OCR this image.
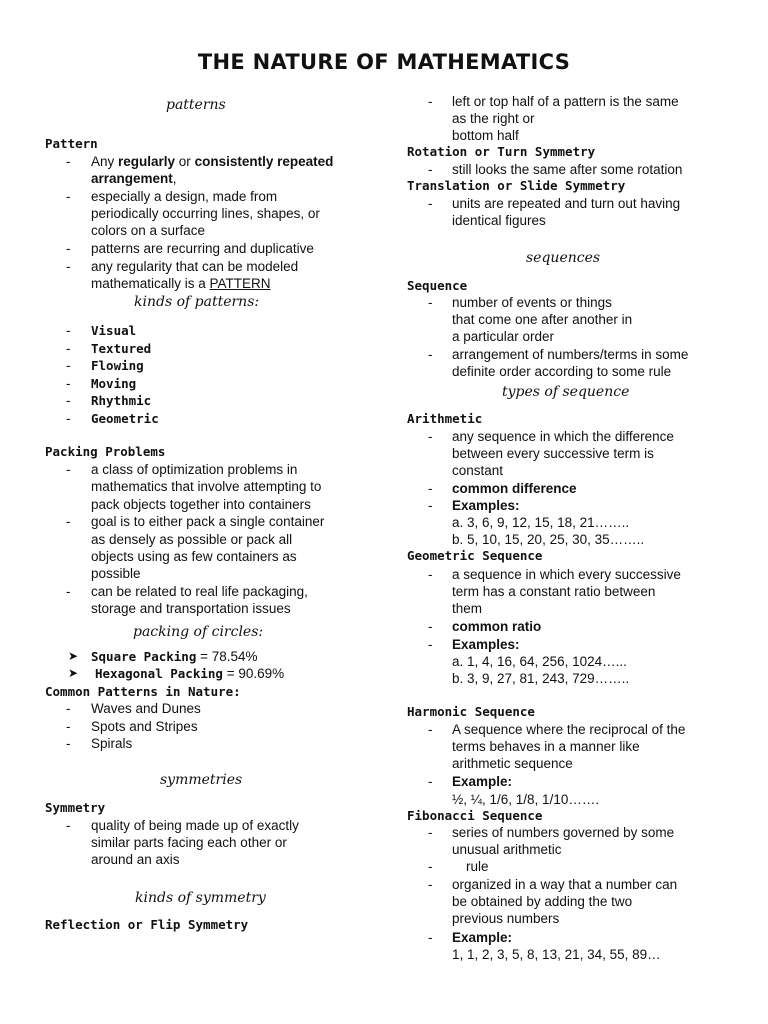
THE NATURE OF MATHEMATICS
patterns
Pattern
- Any regularly or consistently repeated
arrangement,
- especially a design, made from
periodically occurring lines, shapes, or
colors on a surface
- patterns are recurring and duplicative
- any regularity that can be modeled
mathematically is a PATTERN
kinds of patterns:
Packing Problems
packing of circles:
➤ Square Packing = 78.54%
➤ Hexagonal Packing = 90.69%
Common Patterns in Nature:
symmetries
Symmetry
- quality of being made up of exactly
similar parts facing each other or
around an axis
kinds of symmetry
Reflection or Flip Symmetry
- left or top half of a pattern is the same
as the right or
bottom half
Rotation or Turn Symmetry
- still looks the same after some rotation
Translation or Slide Symmetry
- units are repeated and turn out having
identical figures
sequences
Sequence
- number of events or things
that come one after another in
a particular order
- arrangement of numbers/terms in some
definite order according to some rule
types of sequence
Arithmetic
- any sequence in which the difference
between every successive term is
constant
- common difference
- Examples:
a. 3, 6, 9, 12, 15, 18, 21……..
b. 5, 10, 15, 20, 25, 30, 35……..
Geometric Sequence
- a sequence in which every successive
term has a constant ratio between
them
- common ratio
- Examples:
a. 1, 4, 16, 64, 256, 1024…...
b. 3, 9, 27, 81, 243, 729……..
Harmonic Sequence
- A sequence where the reciprocal of the
terms behaves in a manner like
arithmetic sequence
- Example:
½, ¼, 1/6, 1/8, 1/10…….
Fibonacci Sequence
- series of numbers governed by some
unusual arithmetic
- rule
- organized in a way that a number can
be obtained by adding the two
previous numbers
- Example:
1, 1, 2, 3, 5, 8, 13, 21, 34, 55, 89…
- Visual
- Textured
- Flowing
- Moving
- Rhythmic
- Geometric
- a class of optimization problems in
mathematics that involve attempting to
pack objects together into containers
- goal is to either pack a single container
as densely as possible or pack all
objects using as few containers as
possible
- can be related to real life packaging,
storage and transportation issues
- Waves and Dunes
- Spots and Stripes
- Spirals
